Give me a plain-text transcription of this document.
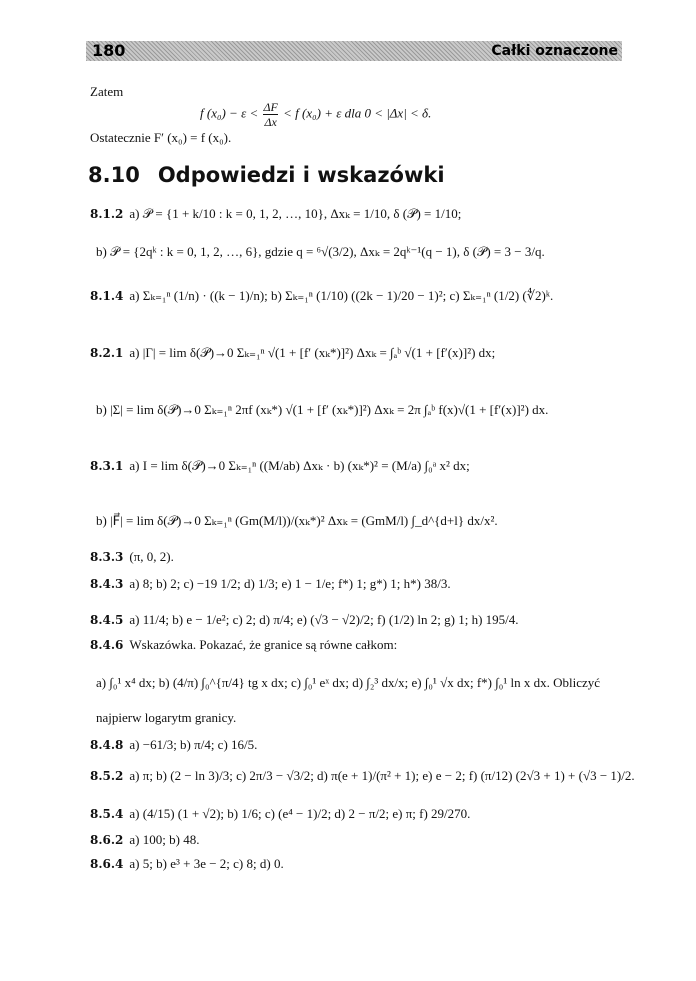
180	Całki oznaczone
Zatem
f $(x_0) - \varepsilon < \frac{\Delta F}{\Delta x} < f$ (x₀) + ε dla 0 < |Δx| < δ.
Ostatecznie F′ (x₀) = f (x₀).
8.10 Odpowiedzi i wskazówki
8.1.2 a) 𝒫 = {1 + k/10 : k = 0, 1, 2, …, 10}, Δxₖ = 1/10, δ (𝒫) = 1/10;
b) 𝒫 = {2qᵏ : k = 0, 1, 2, …, 6}, gdzie q = ⁶√(3/2), Δxₖ = 2qᵏ⁻¹(q − 1), δ (𝒫) = 3 − 3/q.
8.1.4 a) Σₖ₌₁ⁿ (1/n) · ((k − 1)/n); b) Σₖ₌₁ⁿ (1/10) ((2k − 1)/20 − 1)²; c) Σₖ₌₁ⁿ (1/2) (∜2)ᵏ.
8.2.1 a) |Γ| = lim δ(𝒫)→0 Σₖ₌₁ⁿ √(1 + [f′ (xₖ*)]²) Δxₖ = ∫ₐᵇ √(1 + [f′(x)]²) dx;
b) |Σ| = lim δ(𝒫)→0 Σₖ₌₁ⁿ 2πf (xₖ*) √(1 + [f′ (xₖ*)]²) Δxₖ = 2π ∫ₐᵇ f(x)√(1 + [f′(x)]²) dx.
8.3.1 a) I = lim δ(𝒫)→0 Σₖ₌₁ⁿ ((M/ab) Δxₖ · b) (xₖ*)² = (M/a) ∫₀ᵃ x² dx;
b) |F⃗| = lim δ(𝒫)→0 Σₖ₌₁ⁿ (Gm(M/l))/(xₖ*)² Δxₖ = (GmM/l) ∫_d^{d+l} dx/x².
8.3.3 (π, 0, 2).
8.4.3 a) 8; b) 2; c) −19 1/2; d) 1/3; e) 1 − 1/e; f*) 1; g*) 1; h*) 38/3.
8.4.5 a) 11/4; b) e − 1/e²; c) 2; d) π/4; e) (√3 − √2)/2; f) (1/2) ln 2; g) 1; h) 195/4.
8.4.6 Wskazówka. Pokazać, że granice są równe całkom:
a) ∫₀¹ x⁴ dx; b) (4/π) ∫₀^{π/4} tg x dx; c) ∫₀¹ eˣ dx; d) ∫₂³ dx/x; e) ∫₀¹ √x dx; f*) ∫₀¹ ln x dx. Obliczyć
najpierw logarytm granicy.
8.4.8 a) −61/3; b) π/4; c) 16/5.
8.5.2 a) π; b) (2 − ln 3)/3; c) 2π/3 − √3/2; d) π(e + 1)/(π² + 1); e) e − 2; f) (π/12) (2√3 + 1) + (√3 − 1)/2.
8.5.4 a) (4/15) (1 + √2); b) 1/6; c) (e⁴ − 1)/2; d) 2 − π/2; e) π; f) 29/270.
8.6.2 a) 100; b) 48.
8.6.4 a) 5; b) e³ + 3e − 2; c) 8; d) 0.
